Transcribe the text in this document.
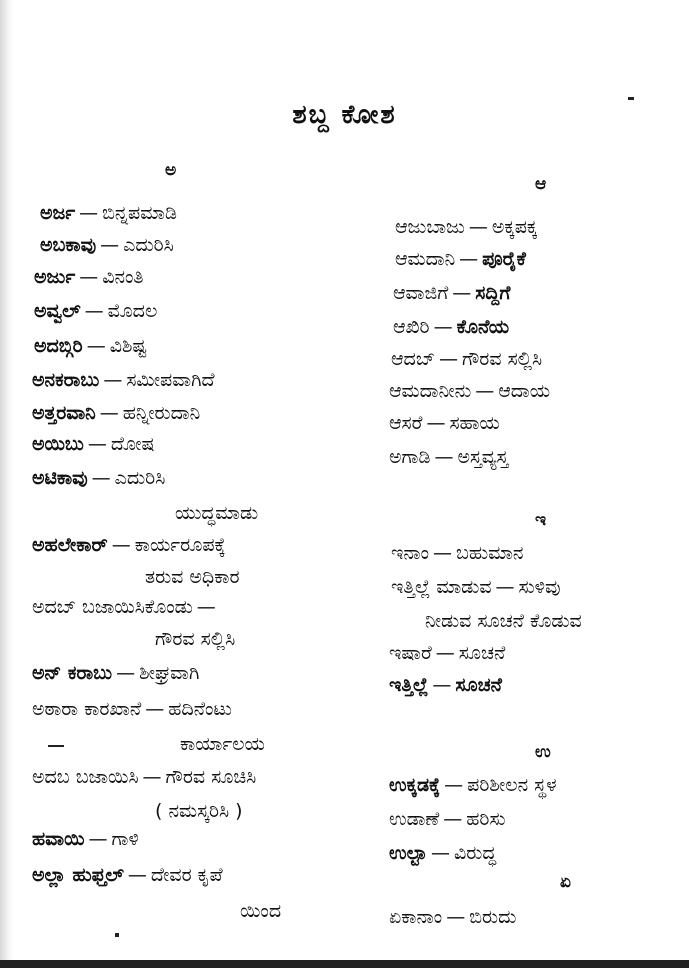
ಶಬ್ದ ಕೋಶ
ಅ
ಅರ್ಜ — ಬಿನ್ನಪಮಾಡಿ
ಅಬಕಾವು — ಎದುರಿಸಿ
ಅರ್ಜು — ವಿನಂತಿ
ಅವ್ವಲ್ — ಮೊದಲ
ಅದಬ್ಗಿರಿ — ವಿಶಿಷ್ಟ
ಅನಕರಾಬು — ಸಮೀಪವಾಗಿದೆ
ಅತ್ತರವಾನಿ — ಹನ್ನೀರುದಾನಿ
ಅಯಿಬು — ದೋಷ
ಅಟಿಕಾವು — ಎದುರಿಸಿ
ಯುದ್ಧಮಾಡು
ಅಹಲೇಕಾರ್ — ಕಾರ್ಯರೂಪಕ್ಕೆ
ತರುವ ಅಧಿಕಾರ
ಅದಬ್ ಬಜಾಯಿಸಿಕೊಂಡು —
ಗೌರವ ಸಲ್ಲಿಸಿ
ಅನ್ ಕರಾಬು — ಶೀಘ್ರವಾಗಿ
ಅಠಾರಾ ಕಾರಖಾನೆ — ಹದಿನೆಂಟು
ಕಾರ್ಯಾಲಯ
ಅದಬ ಬಜಾಯಿಸಿ — ಗೌರವ ಸೂಚಿಸಿ
( ನಮಸ್ಕರಿಸಿ )
ಹವಾಯಿ — ಗಾಳಿ
ಅಲ್ಲಾ ಹುಫ್ತಲ್ — ದೇವರ ಕೃಪೆ
ಯಿಂದ
ಆ
ಆಜುಬಾಜು — ಅಕ್ಕಪಕ್ಕ
ಆಮದಾನಿ — ಪೂರೈಕೆ
ಆವಾಜಿಗೆ — ಸದ್ದಿಗೆ
ಆಖಿರಿ — ಕೊನೆಯ
ಆದಬ್ — ಗೌರವ ಸಲ್ಲಿಸಿ
ಆಮದಾನೀನು — ಆದಾಯ
ಆಸರೆ — ಸಹಾಯ
ಅಗಾಡಿ — ಅಸ್ತವ್ಯಸ್ತ
ಇ
ಇನಾಂ — ಬಹುಮಾನ
ಇತ್ತಿಲ್ಲೆ ಮಾಡುವ — ಸುಳಿವು
ನೀಡುವ ಸೂಚನೆ ಕೊಡುವ
ಇಷಾರೆ — ಸೂಚನೆ
ಇತ್ತಿಲ್ಲೆ — ಸೂಚನೆ
ಉ
ಉಕ್ಕಡಕ್ಕೆ — ಪರಿಶೀಲನ ಸ್ಥಳ
ಉಡಾಣೆ — ಹರಿಸು
ಉಲ್ಟಾ — ವಿರುದ್ಧ
ಏ
ಏಕಾನಾಂ — ಬಿರುದು
